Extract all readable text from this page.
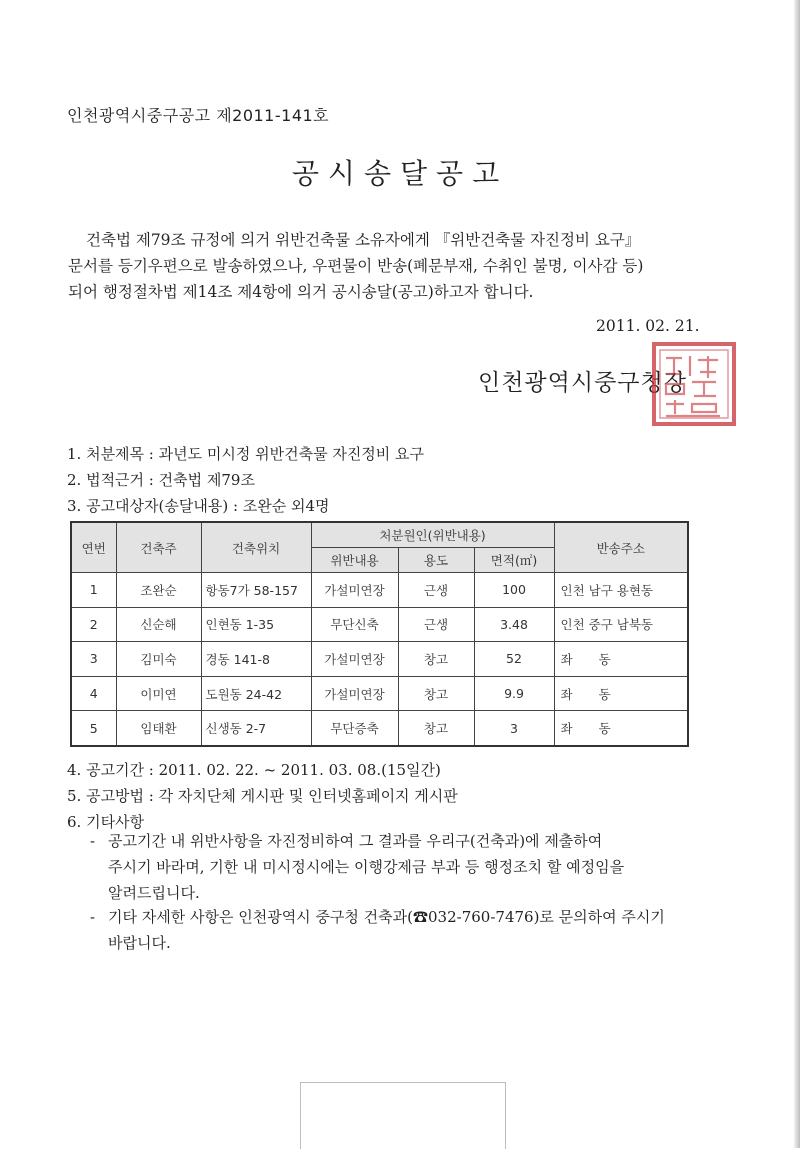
인천광역시중구공고 제2011-141호
공시송달공고

건축법 제79조 규정에 의거 위반건축물 소유자에게 『위반건축물 자진정비 요구』
문서를 등기우편으로 발송하였으나, 우편물이 반송(폐문부재, 수취인 불명, 이사감 등)
되어 행정절차법 제14조 제4항에 의거 공시송달(공고)하고자 합니다.

2011. 02. 21.
인천광역시중구청장
1. 처분제목 : 과년도 미시정 위반건축물 자진정비 요구
2. 법적근거 : 건축법 제79조
3. 공고대상자(송달내용) : 조완순 외4명
연번	건축주	건축위치	처분원인(위반내용)			반송주소
			위반내용	용도	면적(㎡)	
1	조완순	항동7가 58-157	가설미연장	근생	100	인천 남구 용현동
2	신순해	인현동 1-35	무단신축	근생	3.48	인천 중구 남북동
3	김미숙	경동 141-8	가설미연장	창고	52	좌동
4	이미연	도원동 24-42	가설미연장	창고	9.9	좌동
5	임태환	신생동 2-7	무단증축	창고	3	좌동
4. 공고기간 : 2011. 02. 22. ~ 2011. 03. 08.(15일간)
5. 공고방법 : 각 자치단체 게시판 및 인터넷홈페이지 게시판
6. 기타사항
- 공고기간 내 위반사항을 자진정비하여 그 결과를 우리구(건축과)에 제출하여
주시기 바라며, 기한 내 미시정시에는 이행강제금 부과 등 행정조치 할 예정임을
알려드립니다.
- 기타 자세한 사항은 인천광역시 중구청 건축과(☎032-760-7476)로 문의하여 주시기
바랍니다.
